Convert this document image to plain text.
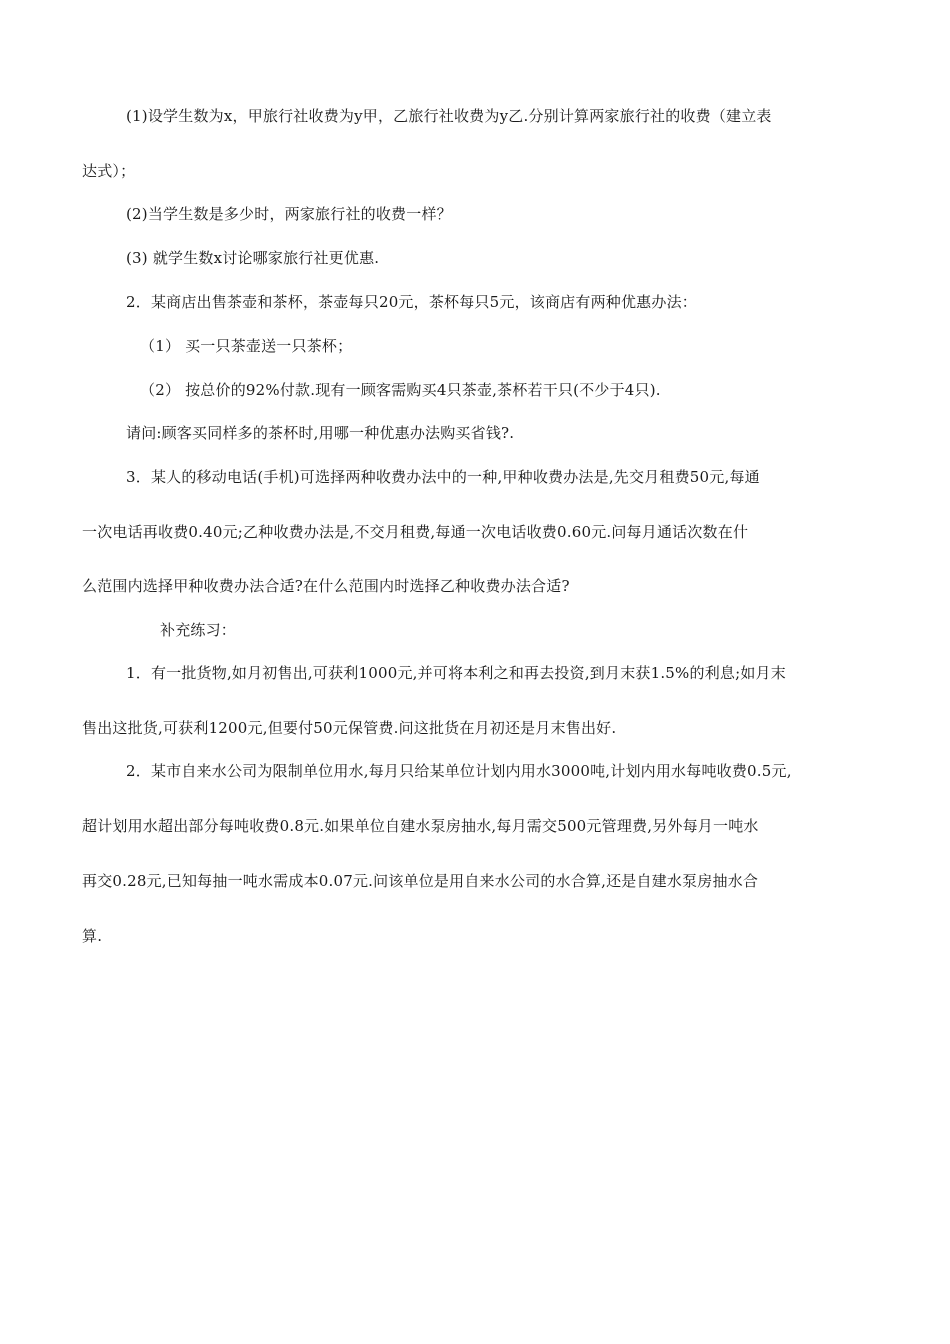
(1)设学生数为x，甲旅行社收费为y甲，乙旅行社收费为y乙.分别计算两家旅行社的收费（建立表
达式）；
(2)当学生数是多少时，两家旅行社的收费一样？
(3) 就学生数x讨论哪家旅行社更优惠.
2．某商店出售茶壶和茶杯，茶壶每只20元，茶杯每只5元，该商店有两种优惠办法：
（1） 买一只茶壶送一只茶杯；
（2） 按总价的92%付款.现有一顾客需购买4只茶壶,茶杯若干只(不少于4只).
请问:顾客买同样多的茶杯时,用哪一种优惠办法购买省钱?.
3．某人的移动电话(手机)可选择两种收费办法中的一种,甲种收费办法是,先交月租费50元,每通
一次电话再收费0.40元;乙种收费办法是,不交月租费,每通一次电话收费0.60元.问每月通话次数在什
么范围内选择甲种收费办法合适?在什么范围内时选择乙种收费办法合适?
补充练习：
1．有一批货物,如月初售出,可获利1000元,并可将本利之和再去投资,到月末获1.5%的利息;如月末
售出这批货,可获利1200元,但要付50元保管费.问这批货在月初还是月末售出好.
2．某市自来水公司为限制单位用水,每月只给某单位计划内用水3000吨,计划内用水每吨收费0.5元,
超计划用水超出部分每吨收费0.8元.如果单位自建水泵房抽水,每月需交500元管理费,另外每月一吨水
再交0.28元,已知每抽一吨水需成本0.07元.问该单位是用自来水公司的水合算,还是自建水泵房抽水合
算.
